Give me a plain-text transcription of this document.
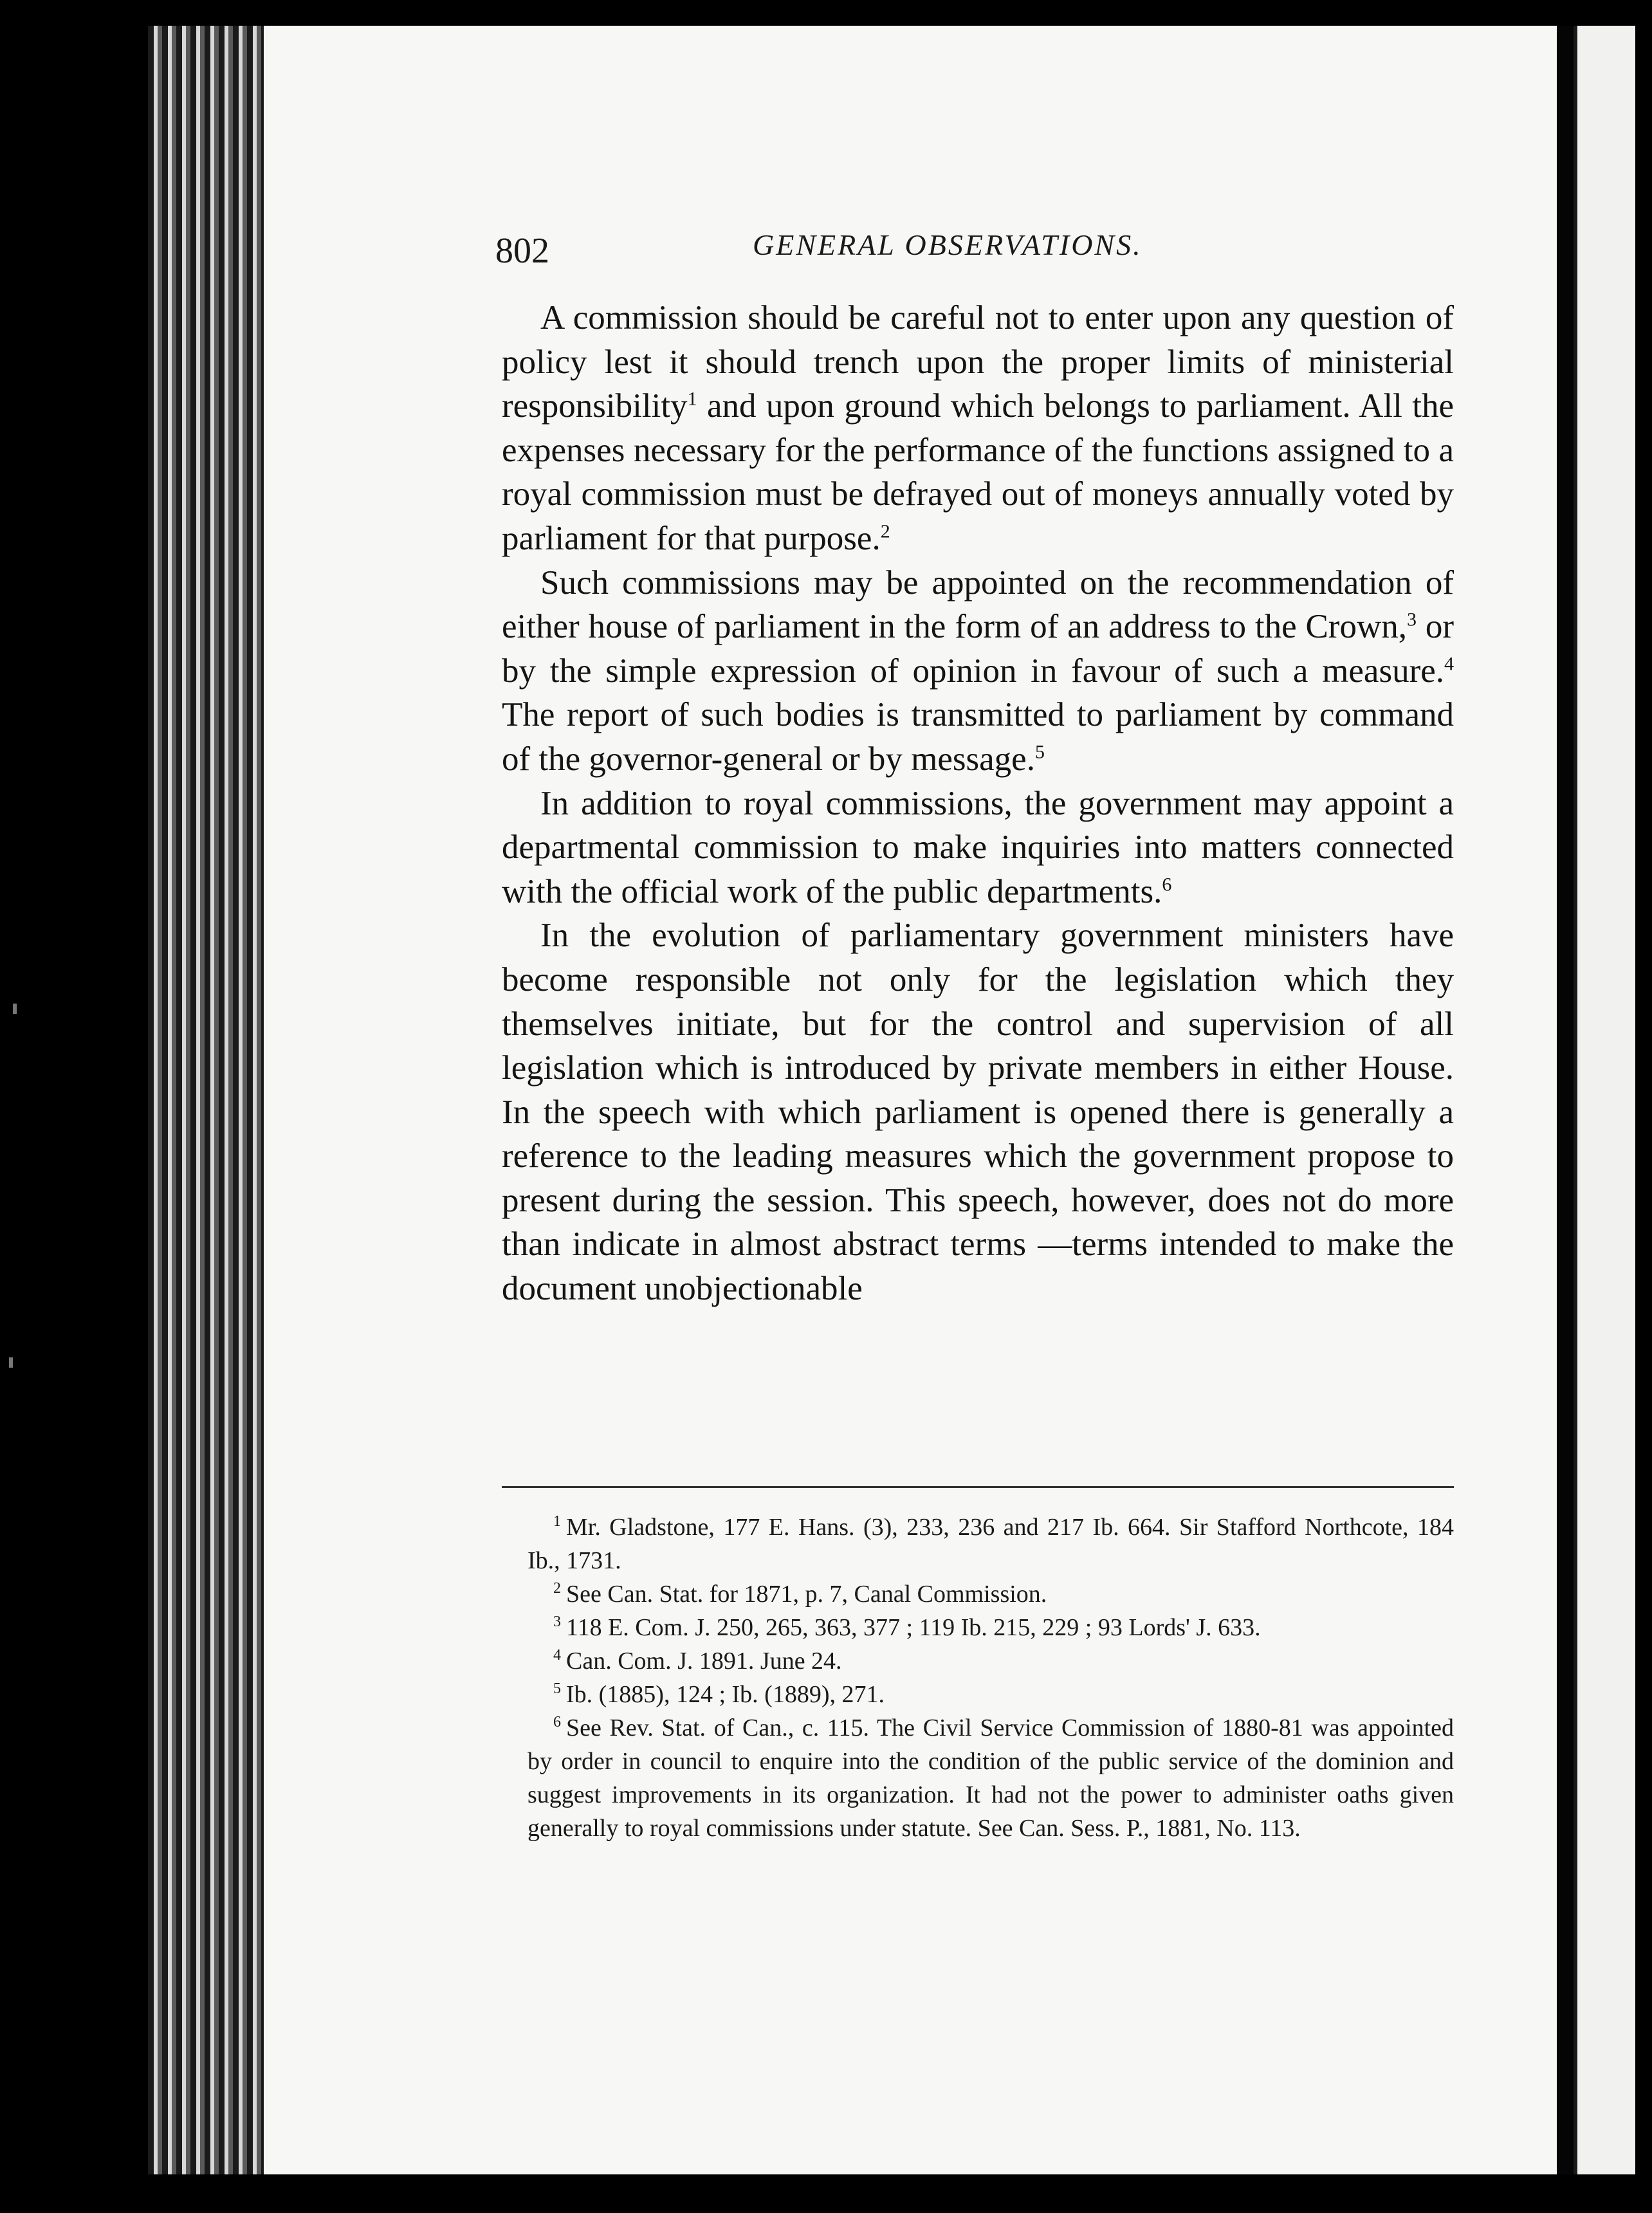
802	GENERAL OBSERVATIONS.

A commission should be careful not to enter upon any question of policy lest it should trench upon the proper limits of ministerial responsibility$^1$ and upon ground which belongs to parliament. All the expenses necessary for the performance of the functions assigned to a royal commission must be defrayed out of moneys annually voted by parliament for that purpose.$^2$

Such commissions may be appointed on the recommendation of either house of parliament in the form of an address to the Crown,$^3$ or by the simple expression of opinion in favour of such a measure.$^4$ The report of such bodies is transmitted to parliament by command of the governor-general or by message.$^5$

In addition to royal commissions, the government may appoint a departmental commission to make inquiries into matters connected with the official work of the public departments.$^6$

In the evolution of parliamentary government ministers have become responsible not only for the legislation which they themselves initiate, but for the control and supervision of all legislation which is introduced by private members in either House. In the speech with which parliament is opened there is generally a reference to the leading measures which the government propose to present during the session. This speech, however, does not do more than indicate in almost abstract terms —terms intended to make the document unobjectionable

$^1$ Mr. Gladstone, 177 E. Hans. (3), 233, 236 and 217 Ib. 664. Sir Stafford Northcote, 184 Ib., 1731.

$^2$ See Can. Stat. for 1871, p. 7, Canal Commission.

$^3$ 118 E. Com. J. 250, 265, 363, 377 ; 119 Ib. 215, 229 ; 93 Lords' J. 633.

$^4$ Can. Com. J. 1891. June 24.

$^5$ Ib. (1885), 124 ; Ib. (1889), 271.

$^6$ See Rev. Stat. of Can., c. 115. The Civil Service Commission of 1880-81 was appointed by order in council to enquire into the condition of the public service of the dominion and suggest improvements in its organization. It had not the power to administer oaths given generally to royal commissions under statute. See Can. Sess. P., 1881, No. 113.
